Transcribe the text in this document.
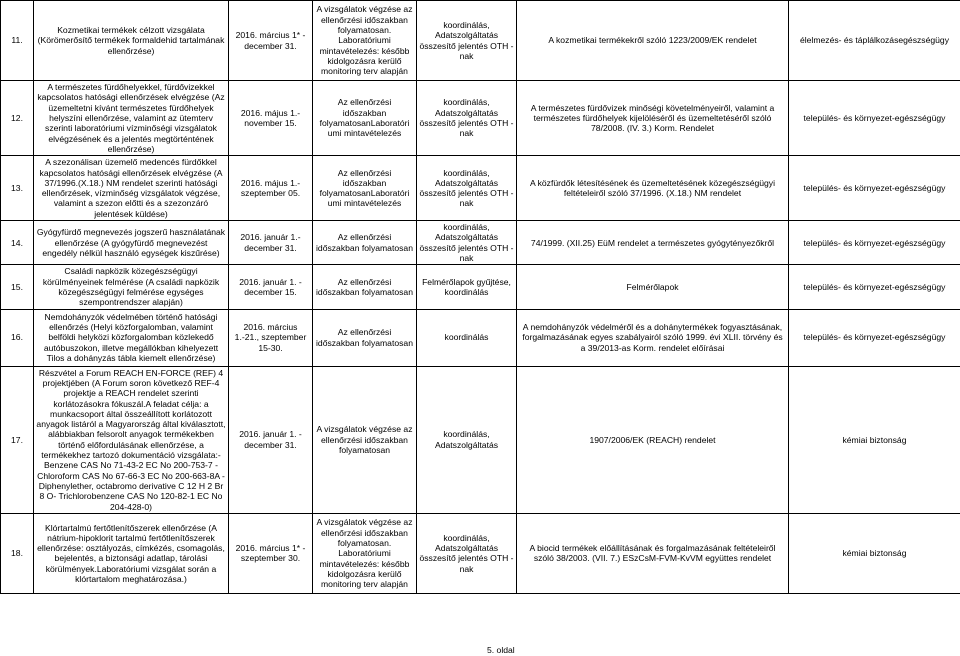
11.	Kozmetikai termékek célzott vizsgálata (Körömerősítő termékek formaldehid tartalmának ellenőrzése)	2016. március 1* - december 31.	A vizsgálatok végzése az ellenőrzési időszakban folyamatosan. Laboratóriumi mintavételezés: később kidolgozásra kerülő monitoring terv alapján	koordinálás, Adatszolgáltatás összesítő jelentés OTH - nak	A kozmetikai termékekről szóló 1223/2009/EK rendelet	élelmezés- és táplálkozásegészségügy
12.	A természetes fürdőhelyekkel, fürdővizekkel kapcsolatos hatósági ellenőrzések elvégzése (Az üzemeltetni kívánt természetes fürdőhelyek helyszíni ellenőrzése, valamint az ütemterv szerinti laboratóriumi vízminőségi vizsgálatok elvégzésének és a jelentés megtörténtének ellenőrzése)	2016. május 1.-november 15.	Az ellenőrzési időszakban folyamatosanLaboratóri umi mintavételezés	koordinálás, Adatszolgáltatás összesítő jelentés OTH - nak	A természetes fürdővizek minőségi követelményeiről, valamint a természetes fürdőhelyek kijelöléséről és üzemeltetéséről szóló 78/2008. (IV. 3.) Korm. Rendelet	település- és környezet-egészségügy
13.	A szezonálisan üzemelő medencés fürdőkkel kapcsolatos hatósági ellenőrzések elvégzése (A 37/1996.(X.18.) NM rendelet szerinti hatósági ellenőrzések, vízminőség vizsgálatok végzése, valamint a szezon előtti és a szezonzáró jelentések küldése)	2016. május 1.- szeptember 05.	Az ellenőrzési időszakban folyamatosanLaboratóri umi mintavételezés	koordinálás, Adatszolgáltatás összesítő jelentés OTH - nak	A közfürdők létesítésének és üzemeltetésének közegészségügyi feltételeiről szóló 37/1996. (X.18.) NM rendelet	település- és környezet-egészségügy
14.	Gyógyfürdő megnevezés jogszerű használatának ellenőrzése (A gyógyfürdő megnevezést engedély nélkül használó egységek kiszűrése)	2016. január 1.- december 31.	Az ellenőrzési időszakban folyamatosan	koordinálás, Adatszolgáltatás összesítő jelentés OTH - nak	74/1999. (XII.25) EüM rendelet a természetes gyógytényezőkről	település- és környezet-egészségügy
15.	Családi napközik közegészségügyi körülményeinek felmérése (A családi napközik közegészségügyi felmérése egységes szempontrendszer alapján)	2016. január 1. - december 15.	Az ellenőrzési időszakban folyamatosan	Felmérőlapok gyűjtése, koordinálás	Felmérőlapok	település- és környezet-egészségügy
16.	Nemdohányzók védelmében történő hatósági ellenőrzés (Helyi közforgalomban, valamint belföldi helyközi közforgalomban közlekedő autóbuszokon, illetve megállókban kihelyezett Tilos a dohányzás tábla kiemelt ellenőrzése)	2016. március 1.-21., szeptember 15-30.	Az ellenőrzési időszakban folyamatosan	koordinálás	A nemdohányzók védelméről és a dohánytermékek fogyasztásának, forgalmazásának egyes szabályairól szóló 1999. évi XLII. törvény és a 39/2013-as Korm. rendelet előírásai	település- és környezet-egészségügy
17.	Részvétel a Forum REACH EN-FORCE (REF) 4 projektjében (A Forum soron következő REF-4 projektje a REACH rendelet szerinti korlátozásokra fókuszál.A feladat célja: a munkacsoport által összeállított korlátozott anyagok listáról a Magyarország által kiválasztott, alábbiakban felsorolt anyagok termékekben történő előfordulásának ellenőrzése, a termékekhez tartozó dokumentáció vizsgálata:- Benzene CAS No 71-43-2 EC No 200-753-7 - Chloroform CAS No 67-66-3 EC No 200-663-8A - Diphenylether, octabromo derivative C 12 H 2 Br 8 O- Trichlorobenzene CAS No 120-82-1 EC No 204-428-0)	2016. január 1. - december 31.	A vizsgálatok végzése az ellenőrzési időszakban folyamatosan	koordinálás, Adatszolgáltatás	1907/2006/EK (REACH) rendelet	kémiai biztonság
18.	Klórtartalmú fertőtlenítőszerek ellenőrzése (A nátrium-hipoklorit tartalmú fertőtlenítőszerek ellenőrzése: osztályozás, címkézés, csomagolás, bejelentés, a biztonsági adatlap, tárolási körülmények.Laboratóriumi vizsgálat során a klórtartalom meghatározása.)	2016. március 1* - szeptember 30.	A vizsgálatok végzése az ellenőrzési időszakban folyamatosan. Laboratóriumi mintavételezés: később kidolgozásra kerülő monitoring terv alapján	koordinálás, Adatszolgáltatás összesítő jelentés OTH - nak	A biocid termékek előállításának és forgalmazásának feltételeiről szóló 38/2003. (VII. 7.) ESzCsM-FVM-KvVM együttes rendelet	kémiai biztonság
5. oldal
